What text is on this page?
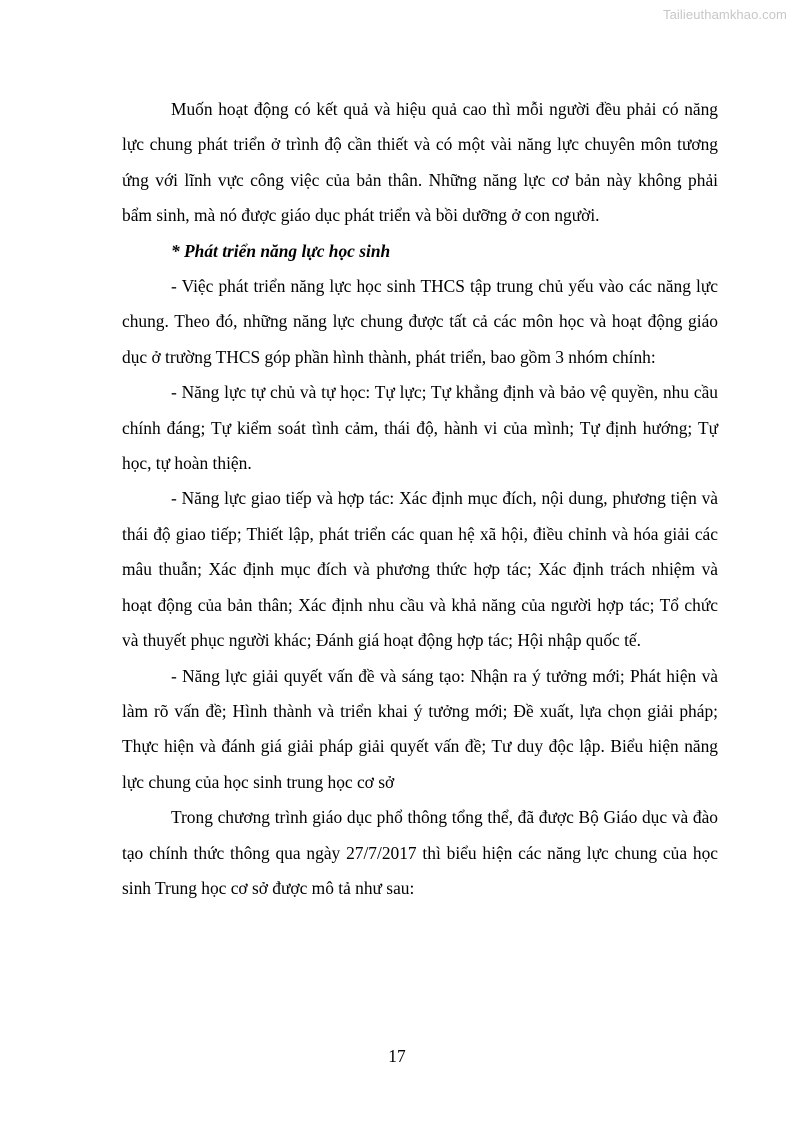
Tailieuthamkhao.com

Muốn hoạt động có kết quả và hiệu quả cao thì mỗi người đều phải có năng lực chung phát triển ở trình độ cần thiết và có một vài năng lực chuyên môn tương ứng với lĩnh vực công việc của bản thân. Những năng lực cơ bản này không phải bẩm sinh, mà nó được giáo dục phát triển và bồi dưỡng ở con người.

* Phát triển năng lực học sinh

- Việc phát triển năng lực học sinh THCS tập trung chủ yếu vào các năng lực chung. Theo đó, những năng lực chung được tất cả các môn học và hoạt động giáo dục ở trường THCS góp phần hình thành, phát triển, bao gồm 3 nhóm chính:

- Năng lực tự chủ và tự học: Tự lực; Tự khẳng định và bảo vệ quyền, nhu cầu chính đáng; Tự kiểm soát tình cảm, thái độ, hành vi của mình; Tự định hướng; Tự học, tự hoàn thiện.

- Năng lực giao tiếp và hợp tác: Xác định mục đích, nội dung, phương tiện và thái độ giao tiếp; Thiết lập, phát triển các quan hệ xã hội, điều chỉnh và hóa giải các mâu thuẫn; Xác định mục đích và phương thức hợp tác; Xác định trách nhiệm và hoạt động của bản thân; Xác định nhu cầu và khả năng của người hợp tác; Tổ chức và thuyết phục người khác; Đánh giá hoạt động hợp tác; Hội nhập quốc tế.

- Năng lực giải quyết vấn đề và sáng tạo: Nhận ra ý tưởng mới; Phát hiện và làm rõ vấn đề; Hình thành và triển khai ý tưởng mới; Đề xuất, lựa chọn giải pháp; Thực hiện và đánh giá giải pháp giải quyết vấn đề; Tư duy độc lập. Biểu hiện năng lực chung của học sinh trung học cơ sở

Trong chương trình giáo dục phổ thông tổng thể, đã được Bộ Giáo dục và đào tạo chính thức thông qua ngày 27/7/2017 thì biểu hiện các năng lực chung của học sinh Trung học cơ sở được mô tả như sau:

17
